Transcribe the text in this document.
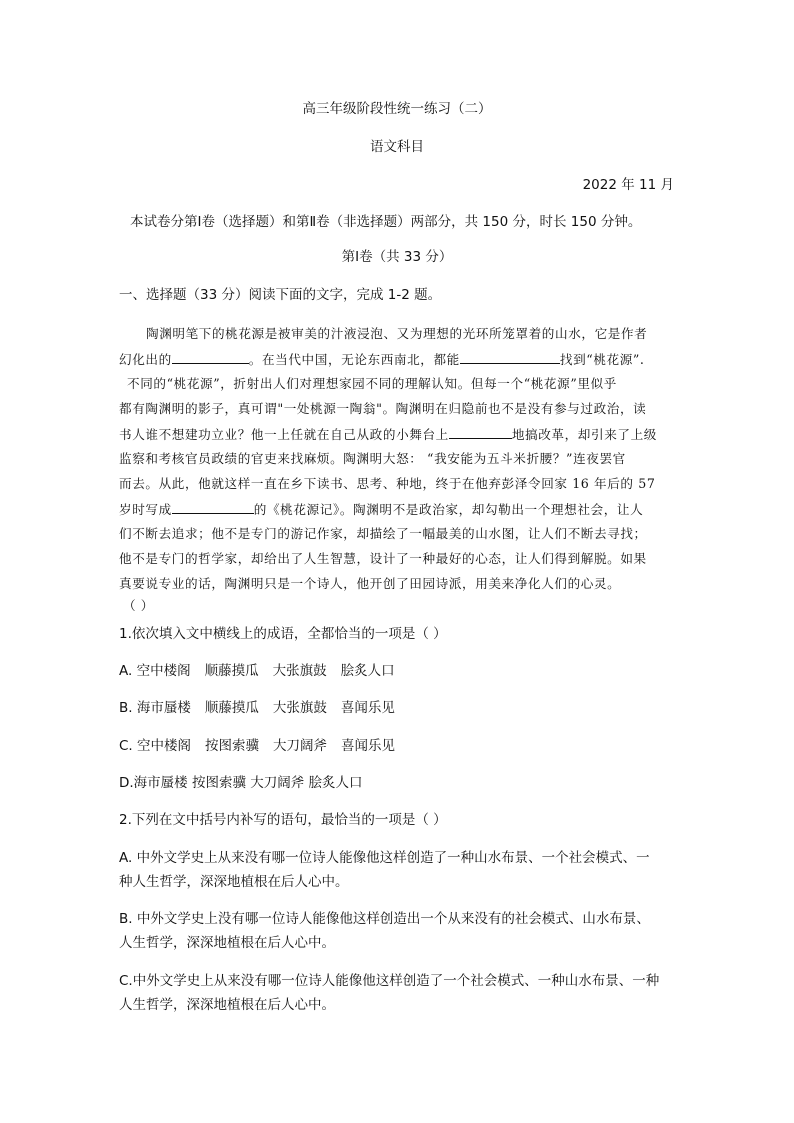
高三年级阶段性统一练习（二）
语文科目
2022 年 11 月
本试卷分第Ⅰ卷（选择题）和第Ⅱ卷（非选择题）两部分，共 150 分，时长 150 分钟。
第Ⅰ卷（共 33 分）
一、选择题（33 分）阅读下面的文字，完成 1-2 题。
陶渊明笔下的桃花源是被审美的汁液浸泡、又为理想的光环所笼罩着的山水，它是作者
幻化出的	。在当代中国，无论东西南北，都能	找到“桃花源”.
不同的“桃花源”，折射出人们对理想家园不同的理解认知。但每一个“桃花源”里似乎
都有陶渊明的影子，真可谓"一处桃源一陶翁"。陶渊明在归隐前也不是没有参与过政治，读
书人谁不想建功立业？他一上任就在自己从政的小舞台上	地搞改革，却引来了上级
监察和考核官员政绩的官吏来找麻烦。陶渊明大怒： “我安能为五斗米折腰？”连夜罢官
而去。从此，他就这样一直在乡下读书、思考、种地，终于在他弃彭泽令回家 16 年后的 57
岁时写成	的《桃花源记》。陶渊明不是政治家，却勾勒出一个理想社会，让人
们不断去追求；他不是专门的游记作家，却描绘了一幅最美的山水图，让人们不断去寻找；
他不是专门的哲学家，却给出了人生智慧，设计了一种最好的心态，让人们得到解脱。如果
真要说专业的话，陶渊明只是一个诗人，他开创了田园诗派，用美来净化人们的心灵。
（ ）
1.依次填入文中横线上的成语，全都恰当的一项是（ ）
A. 空中楼阁 顺藤摸瓜 大张旗鼓 脍炙人口
B. 海市蜃楼 顺藤摸瓜 大张旗鼓 喜闻乐见
C. 空中楼阁 按图索骥 大刀阔斧 喜闻乐见
D.海市蜃楼 按图索骥 大刀阔斧 脍炙人口
2.下列在文中括号内补写的语句，最恰当的一项是（ ）
A. 中外文学史上从来没有哪一位诗人能像他这样创造了一种山水布景、一个社会模式、一
种人生哲学，深深地植根在后人心中。
B. 中外文学史上没有哪一位诗人能像他这样创造出一个从来没有的社会模式、山水布景、
人生哲学，深深地植根在后人心中。
C.中外文学史上从来没有哪一位诗人能像他这样创造了一个社会模式、一种山水布景、一种
人生哲学，深深地植根在后人心中。
